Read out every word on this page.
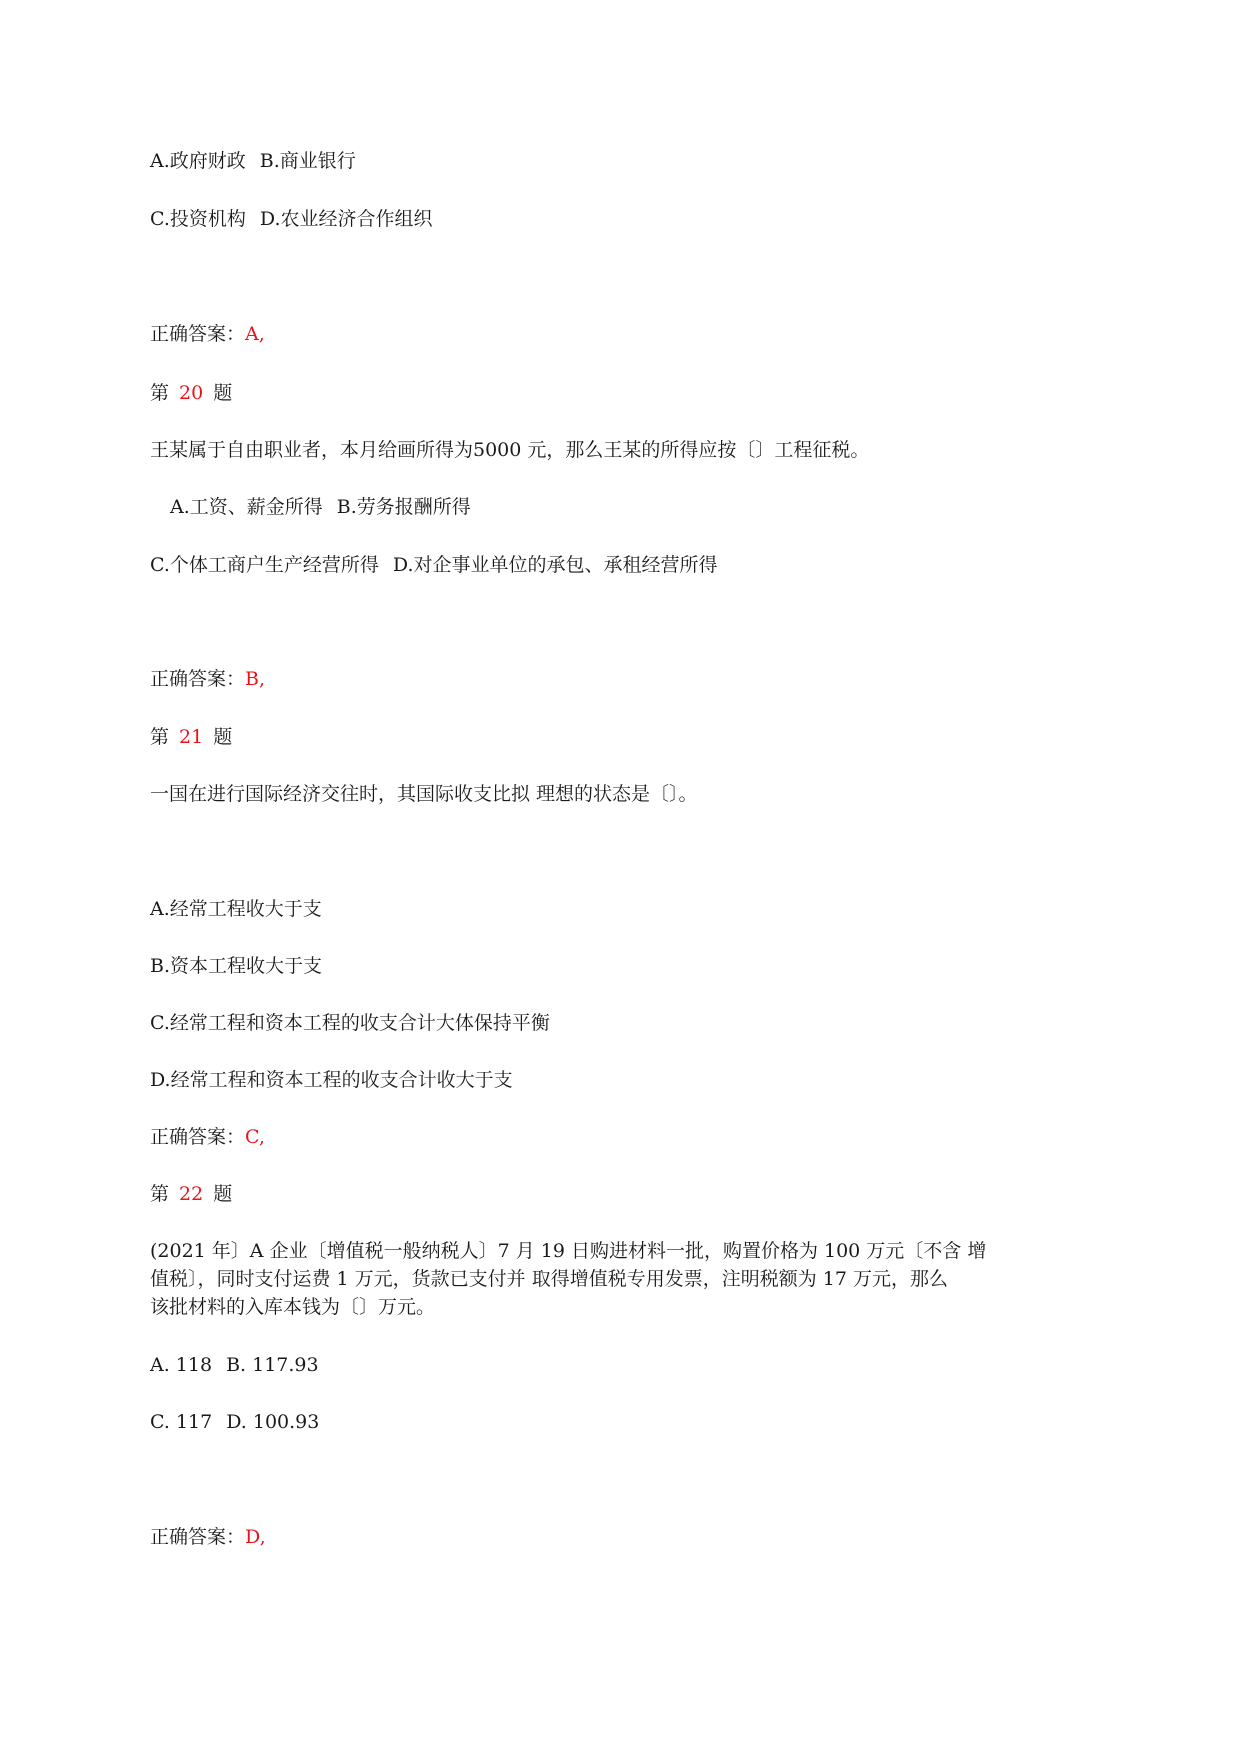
A.政府财政 B.商业银行
C.投资机构 D.农业经济合作组织
正确答案：A,
第 20 题
王某属于自由职业者，本月给画所得为5000 元，那么王某的所得应按〔〕工程征税。
A.工资、薪金所得 B.劳务报酬所得
C.个体工商户生产经营所得 D.对企事业单位的承包、承租经营所得
正确答案：B,
第 21 题
一国在进行国际经济交往时，其国际收支比拟 理想的状态是〔〕。
A.经常工程收大于支
B.资本工程收大于支
C.经常工程和资本工程的收支合计大体保持平衡
D.经常工程和资本工程的收支合计收大于支
正确答案：C,
第 22 题
(2021 年〕A 企业〔增值税一般纳税人〕7 月 19 日购进材料一批，购置价格为 100 万元〔不含 增
值税〕，同时支付运费 1 万元，货款已支付并 取得增值税专用发票，注明税额为 17 万元，那么
该批材料的入库本钱为〔〕万元。
A. 118 B. 117.93
C. 117 D. 100.93
正确答案：D,
